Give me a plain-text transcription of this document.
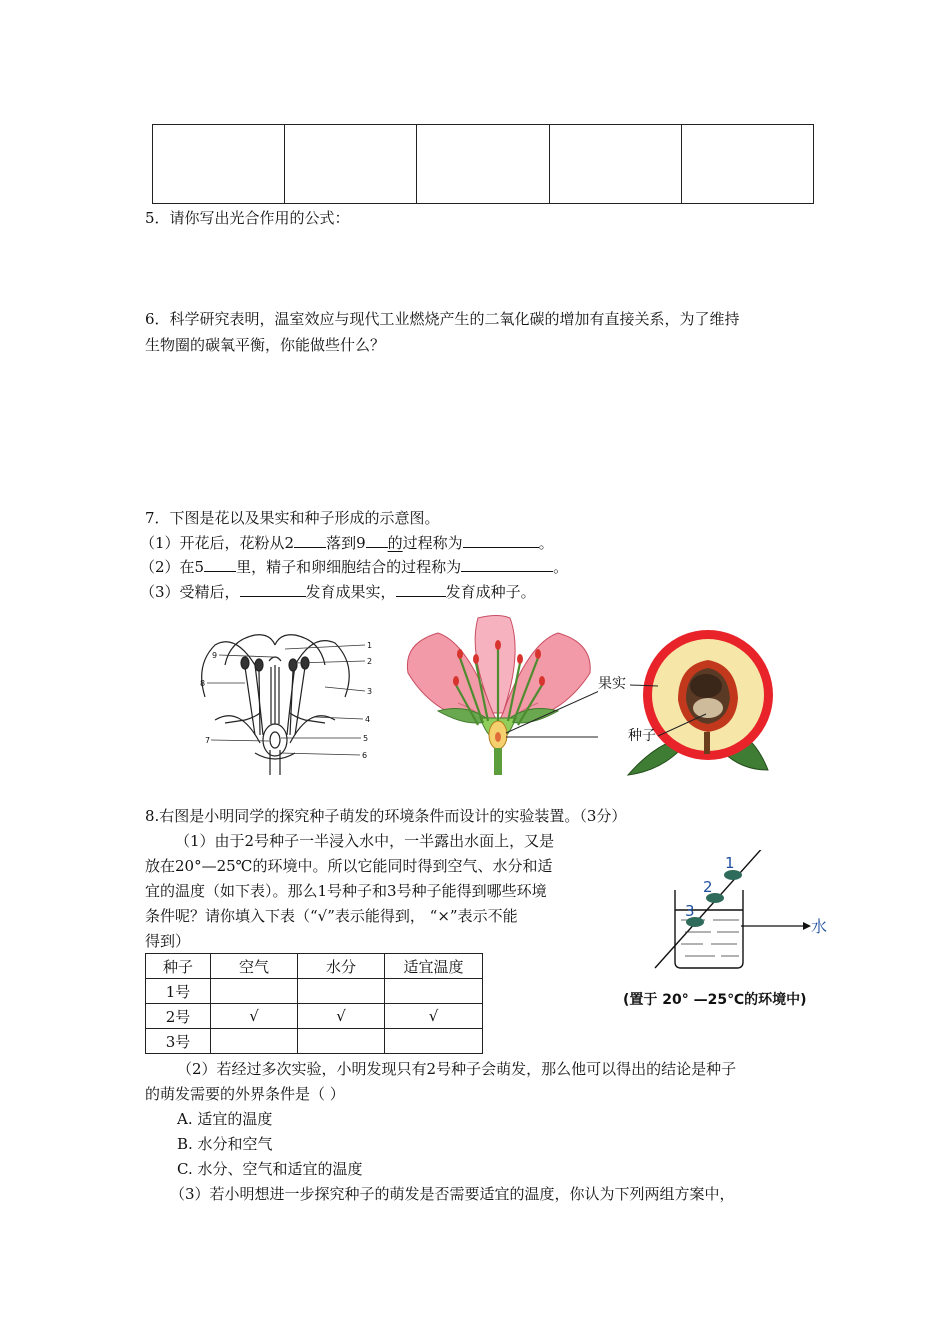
5．请你写出光合作用的公式：
6．科学研究表明，温室效应与现代工业燃烧产生的二氧化碳的增加有直接关系，为了维持
生物圈的碳氧平衡，你能做些什么？
7．下图是花以及果实和种子形成的示意图。
（1）开花后，花粉从2 落到9 的过程称为	。
（2）在5 里，精子和卵细胞结合的过程称为	。
（3）受精后，	发育成果实，	发育成种子。
1
2
3
4
5
6
7
8
9
果实
种子
8.右图是小明同学的探究种子萌发的环境条件而设计的实验装置。（3分）
（1）由于2号种子一半浸入水中，一半露出水面上，又是
放在20°—25℃的环境中。所以它能同时得到空气、水分和适
宜的温度（如下表）。那么1号种子和3号种子能得到哪些环境
条件呢？请你填入下表（“√”表示能得到， “×”表示不能
得到）
种子	空气	水分	适宜温度
1号			
2号	√	√	√
3号			
1
2
3
水
(置于 20° —25℃的环境中)
（2）若经过多次实验，小明发现只有2号种子会萌发，那么他可以得出的结论是种子
的萌发需要的外界条件是（ ）
A. 适宜的温度
B. 水分和空气
C. 水分、空气和适宜的温度
（3）若小明想进一步探究种子的萌发是否需要适宜的温度，你认为下列两组方案中，
